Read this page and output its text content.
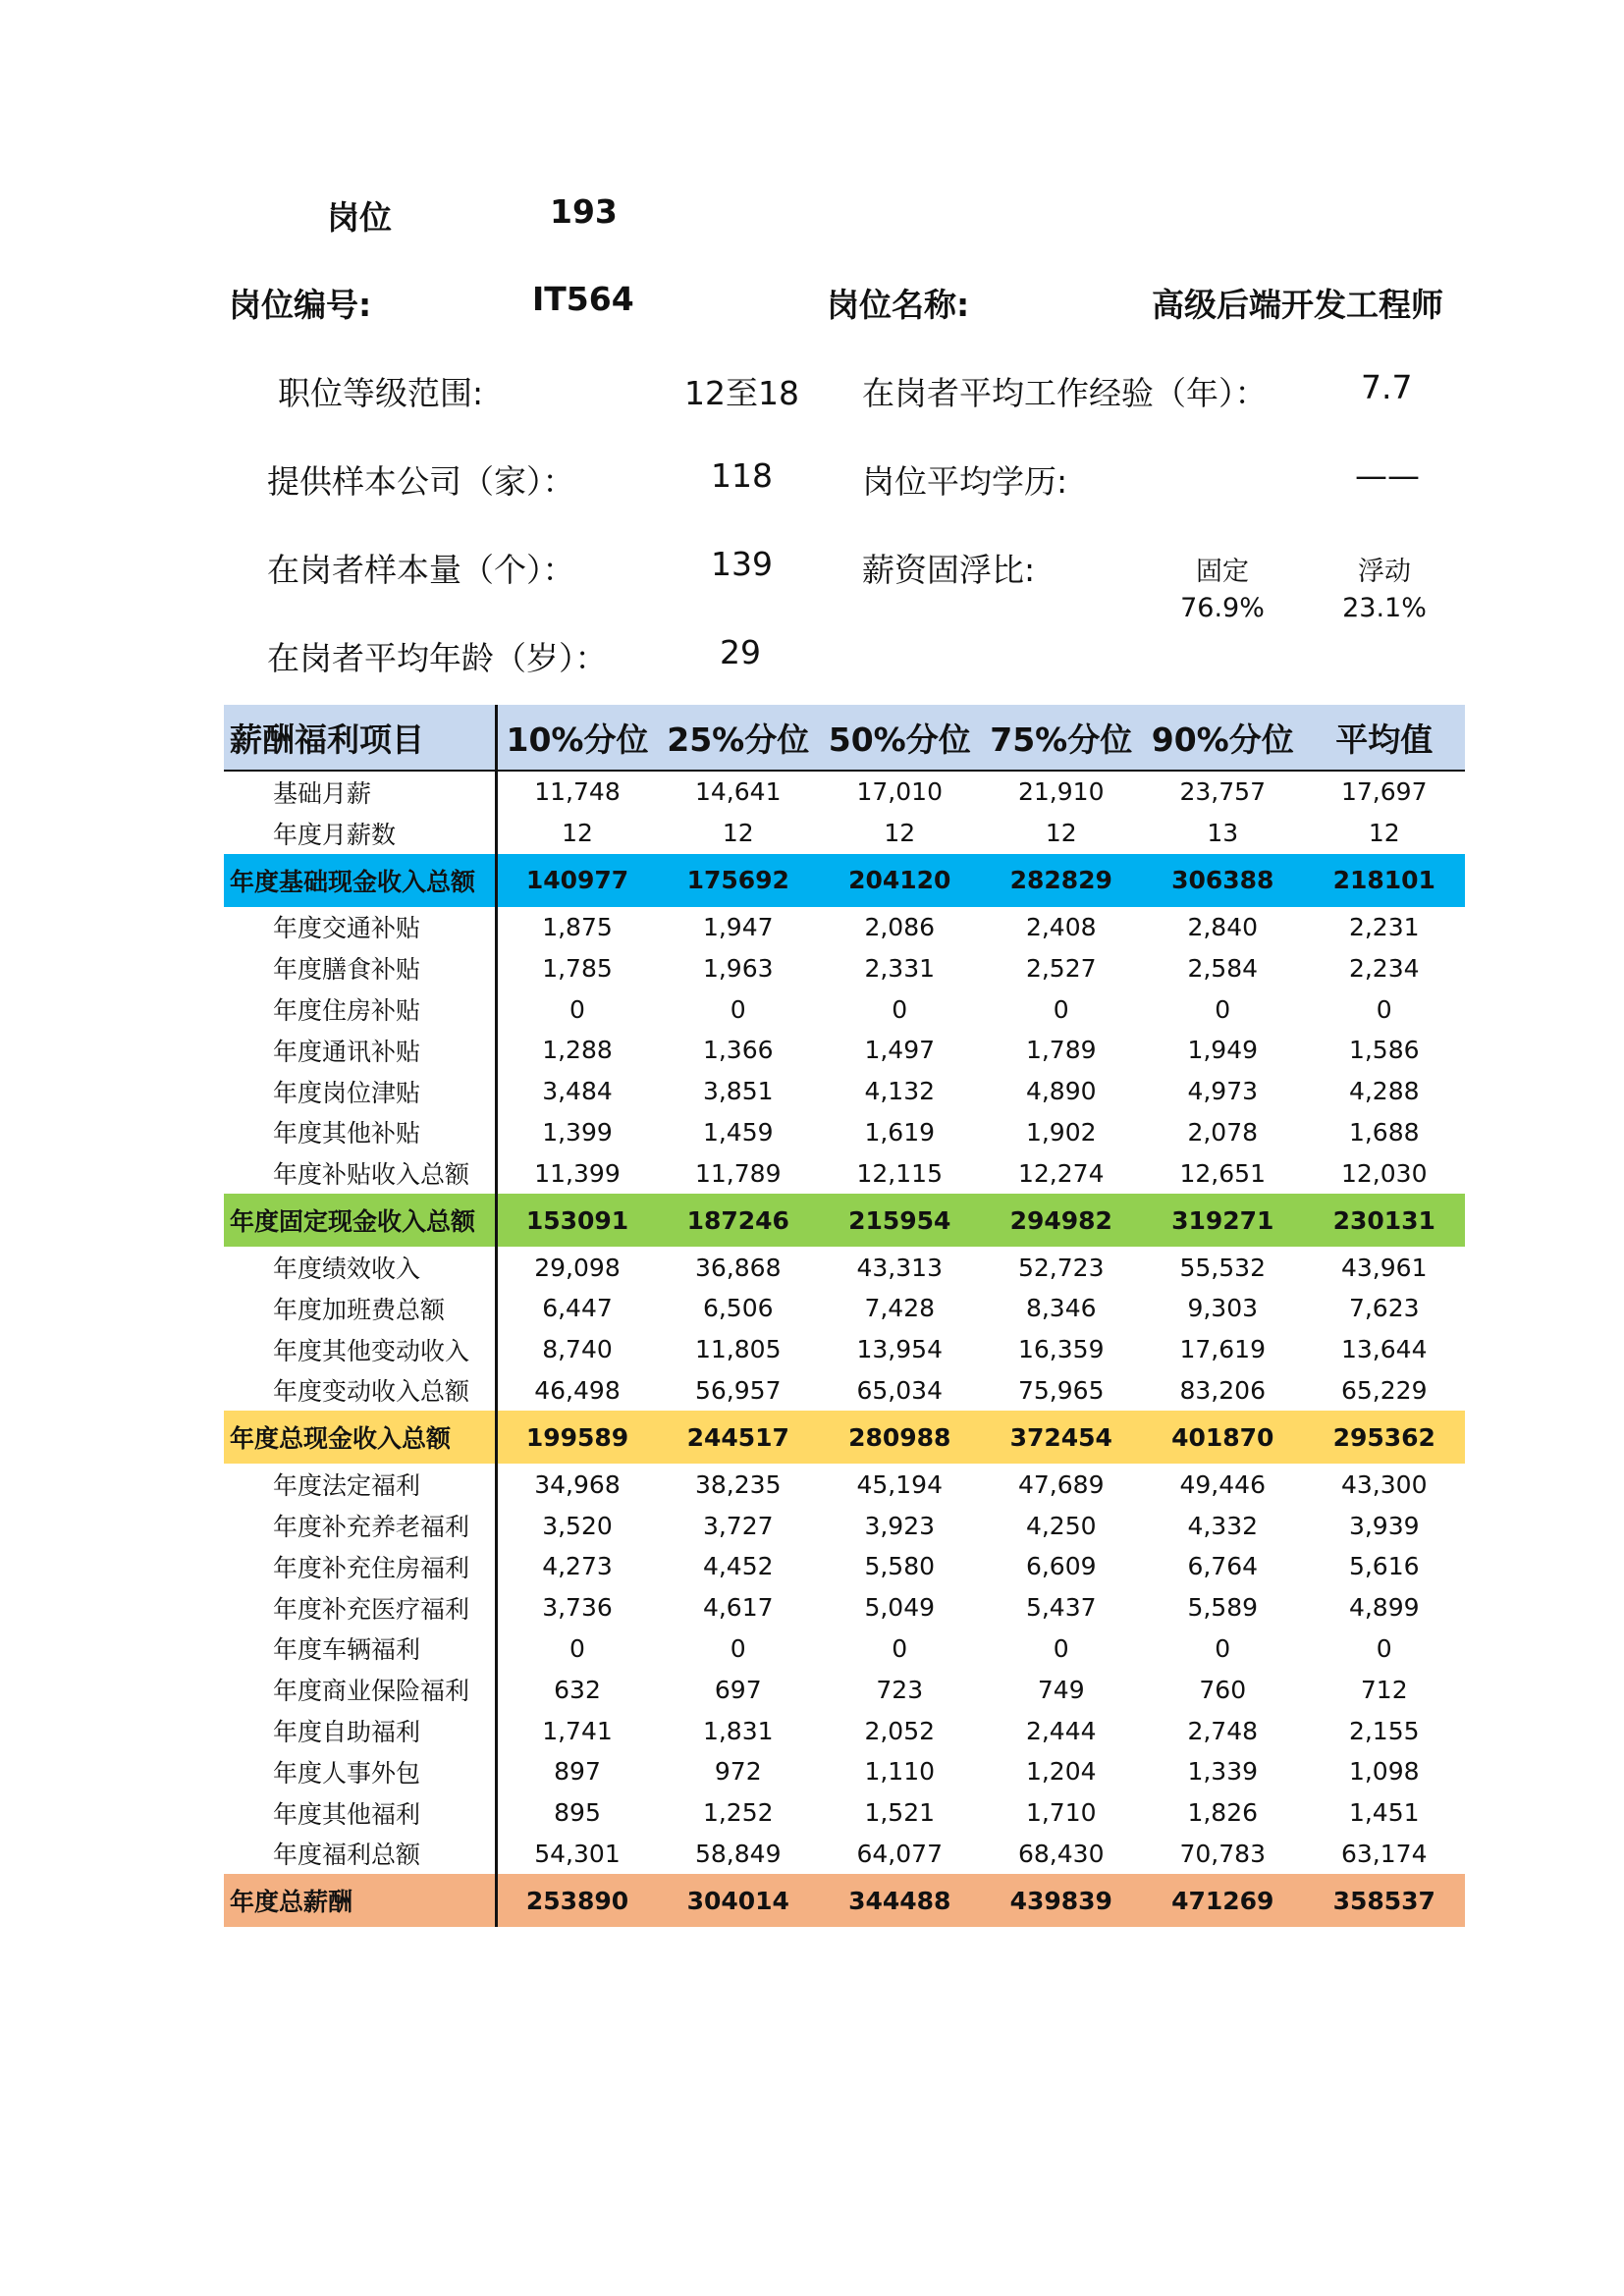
岗位	193
岗位编号:	IT564	岗位名称:	高级后端开发工程师
职位等级范围:	12至18 在岗者平均工作经验（年）：	7.7
提供样本公司（家）：	118	岗位平均学历:	——
在岗者样本量（个）：	139	薪资固浮比:	固定	浮动
76.9%	23.1%
在岗者平均年龄（岁）：	29
薪酬福利项目	10%分位	25%分位	50%分位	75%分位	90%分位	平均值
基础月薪	11,748	14,641	17,010	21,910	23,757	17,697
年度月薪数	12	12	12	12	13	12
年度基础现金收入总额	140977	175692	204120	282829	306388	218101
年度交通补贴	1,875	1,947	2,086	2,408	2,840	2,231
年度膳食补贴	1,785	1,963	2,331	2,527	2,584	2,234
年度住房补贴	0	0	0	0	0	0
年度通讯补贴	1,288	1,366	1,497	1,789	1,949	1,586
年度岗位津贴	3,484	3,851	4,132	4,890	4,973	4,288
年度其他补贴	1,399	1,459	1,619	1,902	2,078	1,688
年度补贴收入总额	11,399	11,789	12,115	12,274	12,651	12,030
年度固定现金收入总额	153091	187246	215954	294982	319271	230131
年度绩效收入	29,098	36,868	43,313	52,723	55,532	43,961
年度加班费总额	6,447	6,506	7,428	8,346	9,303	7,623
年度其他变动收入	8,740	11,805	13,954	16,359	17,619	13,644
年度变动收入总额	46,498	56,957	65,034	75,965	83,206	65,229
年度总现金收入总额	199589	244517	280988	372454	401870	295362
年度法定福利	34,968	38,235	45,194	47,689	49,446	43,300
年度补充养老福利	3,520	3,727	3,923	4,250	4,332	3,939
年度补充住房福利	4,273	4,452	5,580	6,609	6,764	5,616
年度补充医疗福利	3,736	4,617	5,049	5,437	5,589	4,899
年度车辆福利	0	0	0	0	0	0
年度商业保险福利	632	697	723	749	760	712
年度自助福利	1,741	1,831	2,052	2,444	2,748	2,155
年度人事外包	897	972	1,110	1,204	1,339	1,098
年度其他福利	895	1,252	1,521	1,710	1,826	1,451
年度福利总额	54,301	58,849	64,077	68,430	70,783	63,174
年度总薪酬	253890	304014	344488	439839	471269	358537
